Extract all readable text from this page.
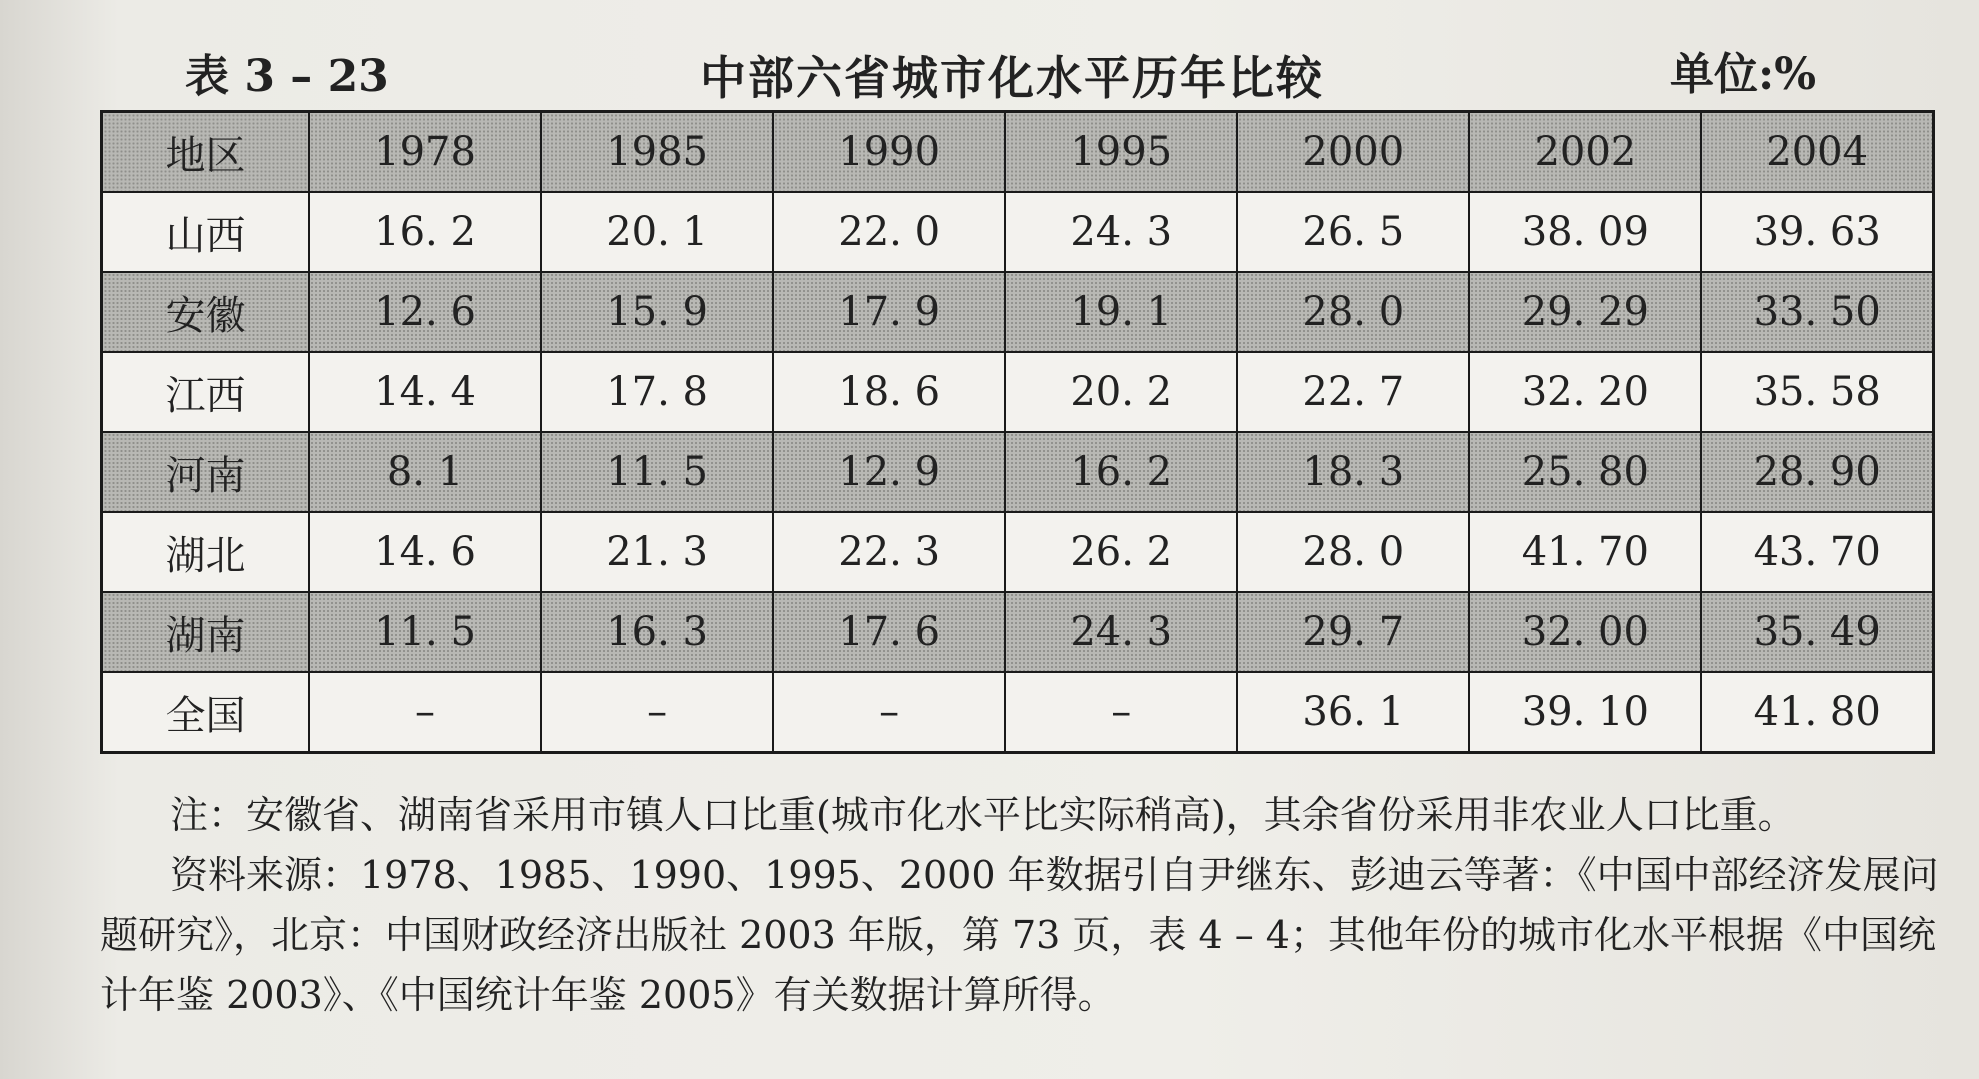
表 3 – 23	中部六省城市化水平历年比较	单位:%
地区	1978	1985	1990	1995	2000	2002	2004
山西	16. 2	20. 1	22. 0	24. 3	26. 5	38. 09	39. 63
安徽	12. 6	15. 9	17. 9	19. 1	28. 0	29. 29	33. 50
江西	14. 4	17. 8	18. 6	20. 2	22. 7	32. 20	35. 58
河南	8. 1	11. 5	12. 9	16. 2	18. 3	25. 80	28. 90
湖北	14. 6	21. 3	22. 3	26. 2	28. 0	41. 70	43. 70
湖南	11. 5	16. 3	17. 6	24. 3	29. 7	32. 00	35. 49
全国	–	–	–	–	36. 1	39. 10	41. 80

注：安徽省、湖南省采用市镇人口比重(城市化水平比实际稍高)，其余省份采用非农业人口比重。

资料来源：1978、1985、1990、1995、2000 年数据引自尹继东、彭迪云等著：《中国中部经济发展问题研究》，北京：中国财政经济出版社 2003 年版，第 73 页，表 4 – 4；其他年份的城市化水平根据《中国统计年鉴 2003》、《中国统计年鉴 2005》有关数据计算所得。
